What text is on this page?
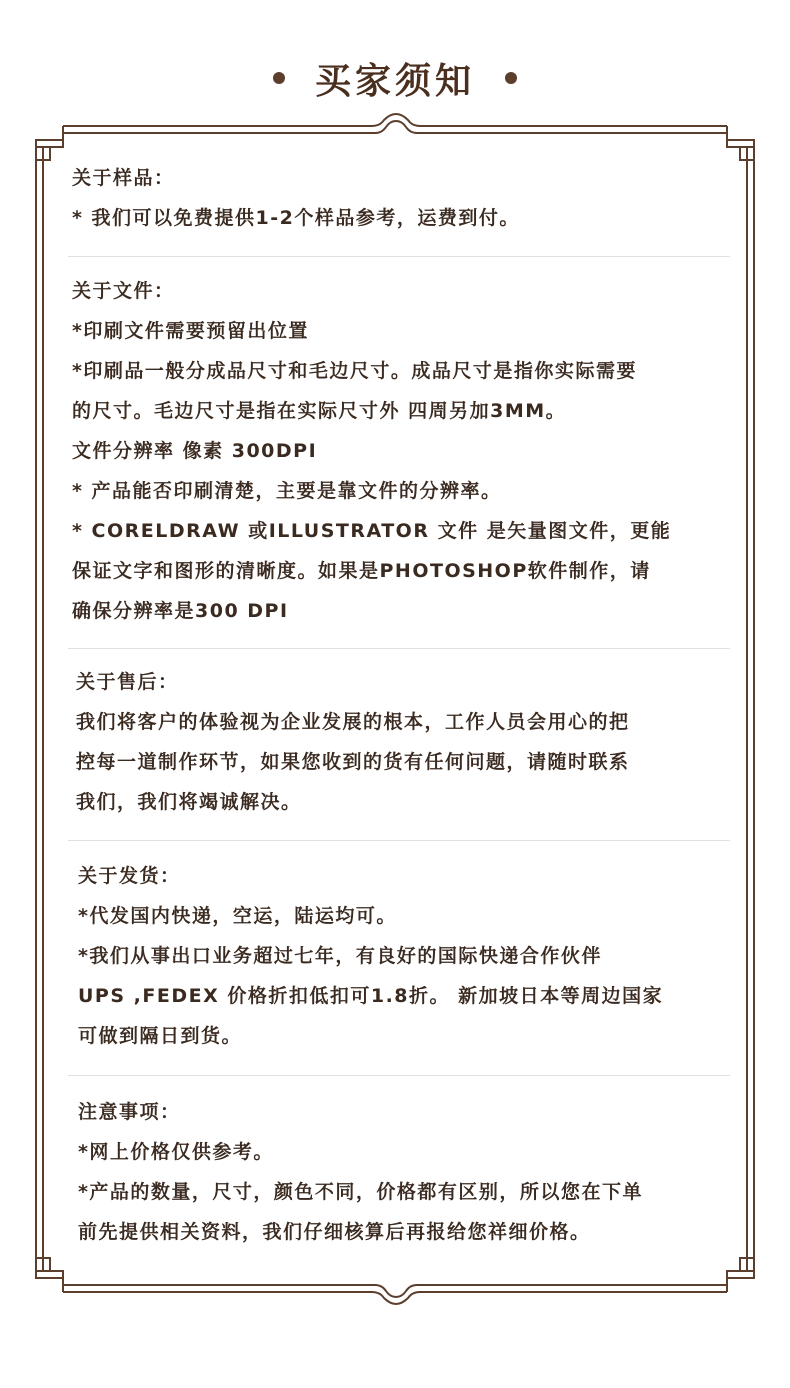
买家须知
关于样品：
* 我们可以免费提供1-2个样品参考，运费到付。
关于文件：
*印刷文件需要预留出位置
*印刷品一般分成品尺寸和毛边尺寸。成品尺寸是指你实际需要
的尺寸。毛边尺寸是指在实际尺寸外 四周另加3MM。
文件分辨率 像素 300DPI
* 产品能否印刷清楚，主要是靠文件的分辨率。
* CORELDRAW 或ILLUSTRATOR 文件 是矢量图文件，更能
保证文字和图形的清晰度。如果是PHOTOSHOP软件制作，请
确保分辨率是300 DPI
关于售后：
我们将客户的体验视为企业发展的根本，工作人员会用心的把
控每一道制作环节，如果您收到的货有任何问题，请随时联系
我们，我们将竭诚解决。
关于发货：
*代发国内快递，空运，陆运均可。
*我们从事出口业务超过七年，有良好的国际快递合作伙伴
UPS ,FEDEX 价格折扣低扣可1.8折。 新加坡日本等周边国家
可做到隔日到货。
注意事项：
*网上价格仅供参考。
*产品的数量，尺寸，颜色不同，价格都有区别，所以您在下单
前先提供相关资料，我们仔细核算后再报给您祥细价格。
